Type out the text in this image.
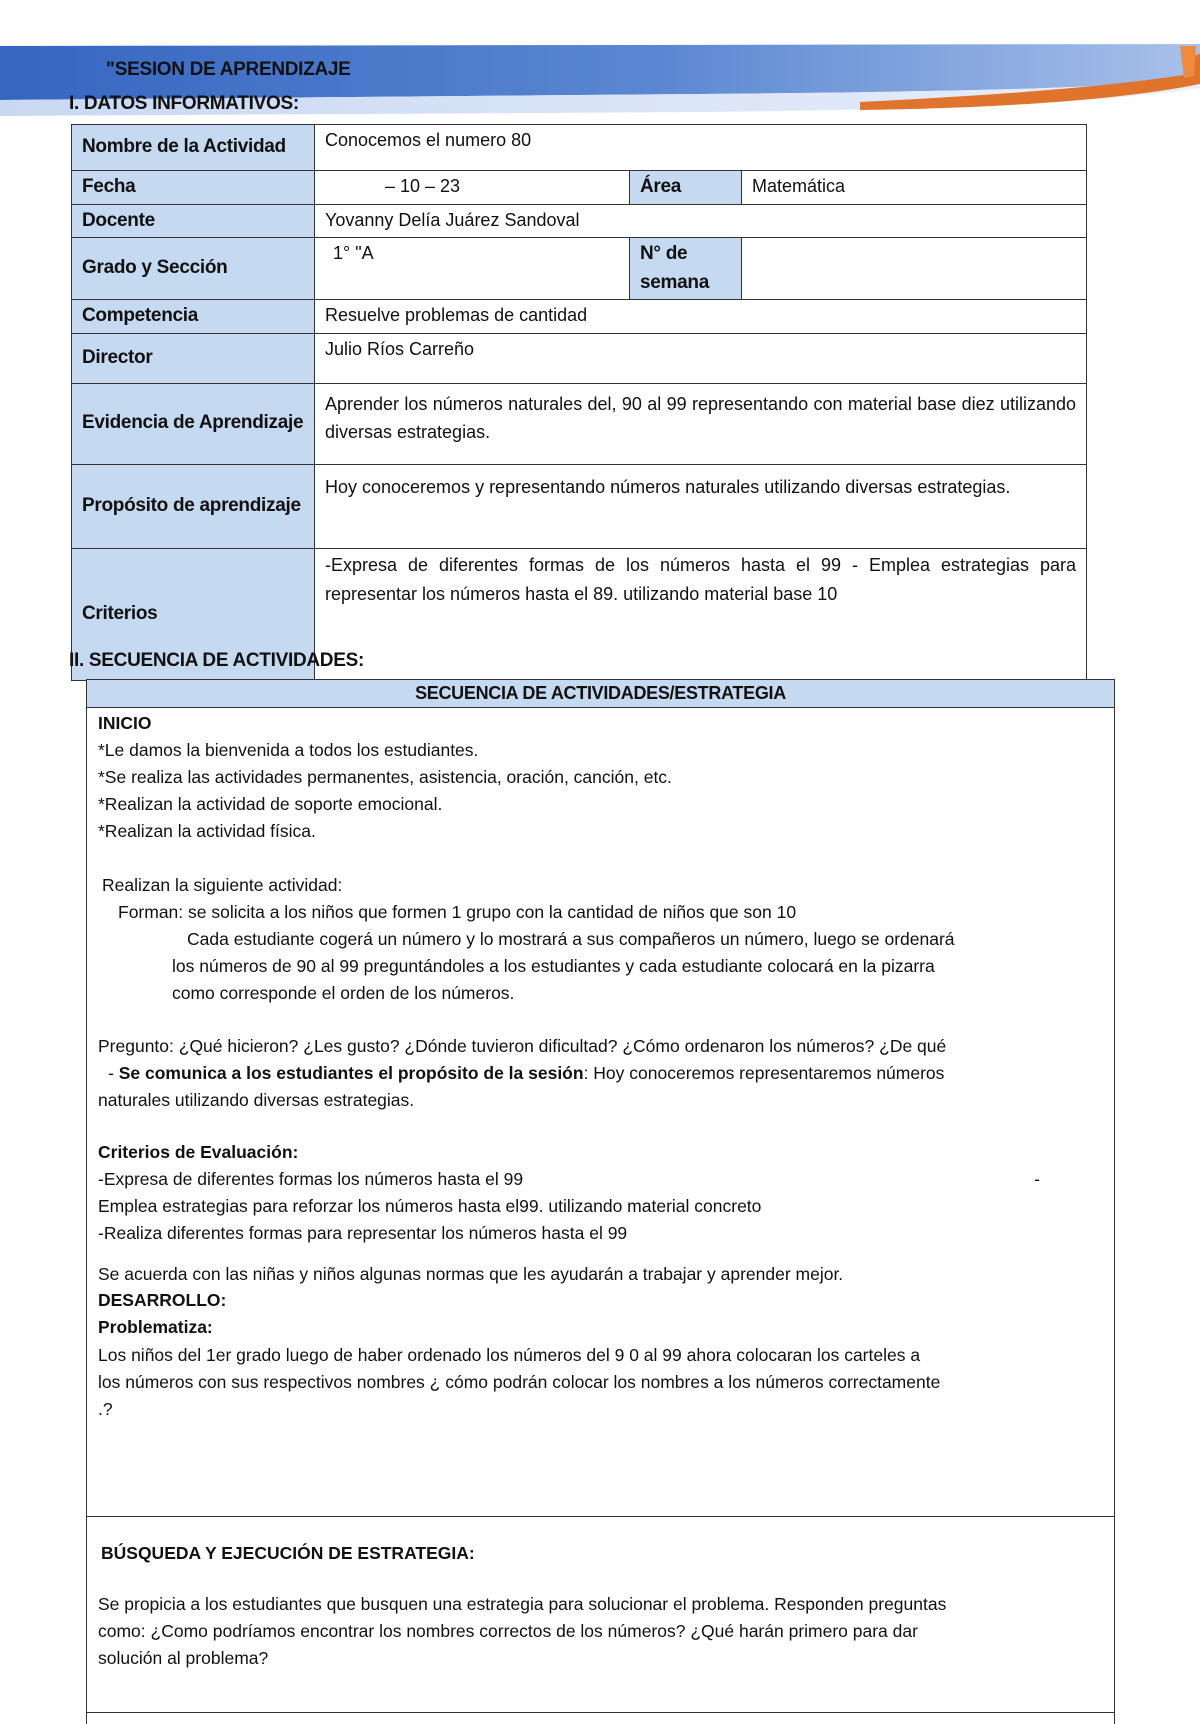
"SESION DE APRENDIZAJE
I. DATOS INFORMATIVOS:
Nombre de la Actividad	Conocemos el numero 80		
Fecha	– 10 – 23	Área	Matemática
Docente	Yovanny Delía Juárez Sandoval		
Grado y Sección	1° "A	N° de semana	
Competencia	Resuelve problemas de cantidad		
Director	Julio Ríos Carreño		
Evidencia de Aprendizaje	Aprender los números naturales del, 90 al 99 representando con material base diez utilizando diversas estrategias.		
Propósito de aprendizaje	Hoy conoceremos y representando números naturales utilizando diversas estrategias.		
Criterios	-Expresa de diferentes formas de los números hasta el 99 - Emplea estrategias para representar los números hasta el 89. utilizando material base 10		
II. SECUENCIA DE ACTIVIDADES:
SECUENCIA DE ACTIVIDADES/ESTRATEGIA

INICIO

*Le damos la bienvenida a todos los estudiantes.

*Se realiza las actividades permanentes, asistencia, oración, canción, etc.

*Realizan la actividad de soporte emocional.

*Realizan la actividad física.

Realizan la siguiente actividad:

Forman: se solicita a los niños que formen 1 grupo con la cantidad de niños que son 10

Cada estudiante cogerá un número y lo mostrará a sus compañeros un número, luego se ordenará

los números de 90 al 99 preguntándoles a los estudiantes y cada estudiante colocará en la pizarra

como corresponde el orden de los números.

Pregunto: ¿Qué hicieron? ¿Les gusto? ¿Dónde tuvieron dificultad? ¿Cómo ordenaron los números? ¿De qué

- Se comunica a los estudiantes el propósito de la sesión: Hoy conoceremos representaremos números

naturales utilizando diversas estrategias.

Criterios de Evaluación:

-Expresa de diferentes formas los números hasta el 99	-

Emplea estrategias para reforzar los números hasta el99. utilizando material concreto

-Realiza diferentes formas para representar los números hasta el 99

Se acuerda con las niñas y niños algunas normas que les ayudarán a trabajar y aprender mejor.

DESARROLLO:

Problematiza:

Los niños del 1er grado luego de haber ordenado los números del 9 0 al 99 ahora colocaran los carteles a

los números con sus respectivos nombres ¿ cómo podrán colocar los nombres a los números correctamente

.?

BÚSQUEDA Y EJECUCIÓN DE ESTRATEGIA:

Se propicia a los estudiantes que busquen una estrategia para solucionar el problema. Responden preguntas

como: ¿Como podríamos encontrar los nombres correctos de los números? ¿Qué harán primero para dar

solución al problema?
